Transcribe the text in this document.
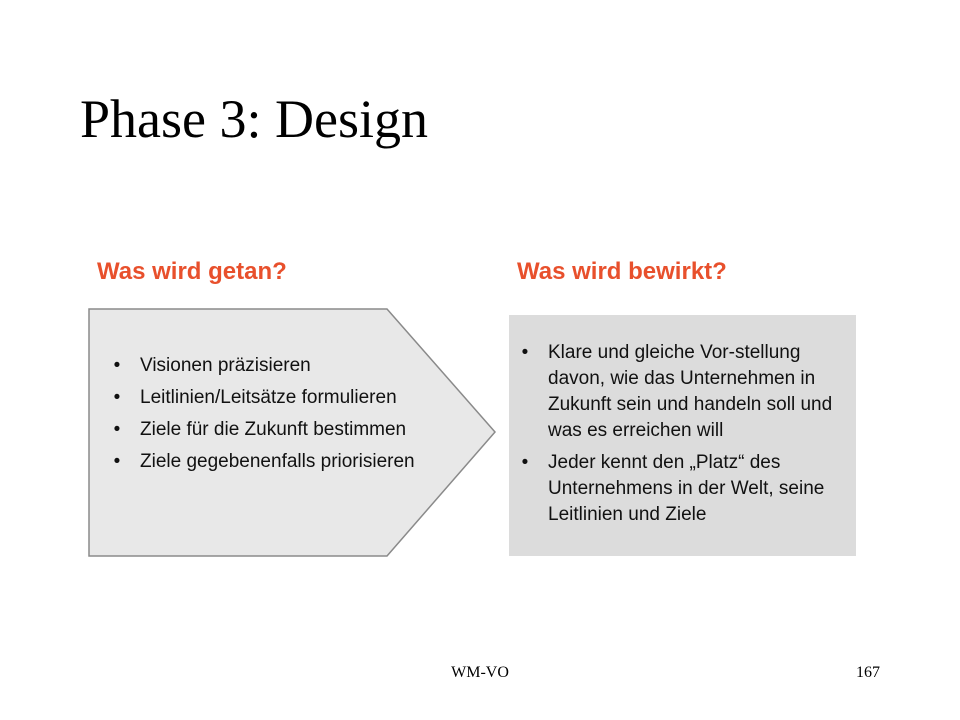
Phase 3: Design
Was wird getan?	Was wird bewirkt?
• Visionen präzisieren
• Leitlinien/Leitsätze formulieren
• Ziele für die Zukunft bestimmen
• Ziele gegebenenfalls priorisieren
• Klare und gleiche Vor-stellung davon, wie das Unternehmen in Zukunft sein und handeln soll und was es erreichen will
• Jeder kennt den „Platz“ des Unternehmens in der Welt, seine Leitlinien und Ziele
WM-VO	167
